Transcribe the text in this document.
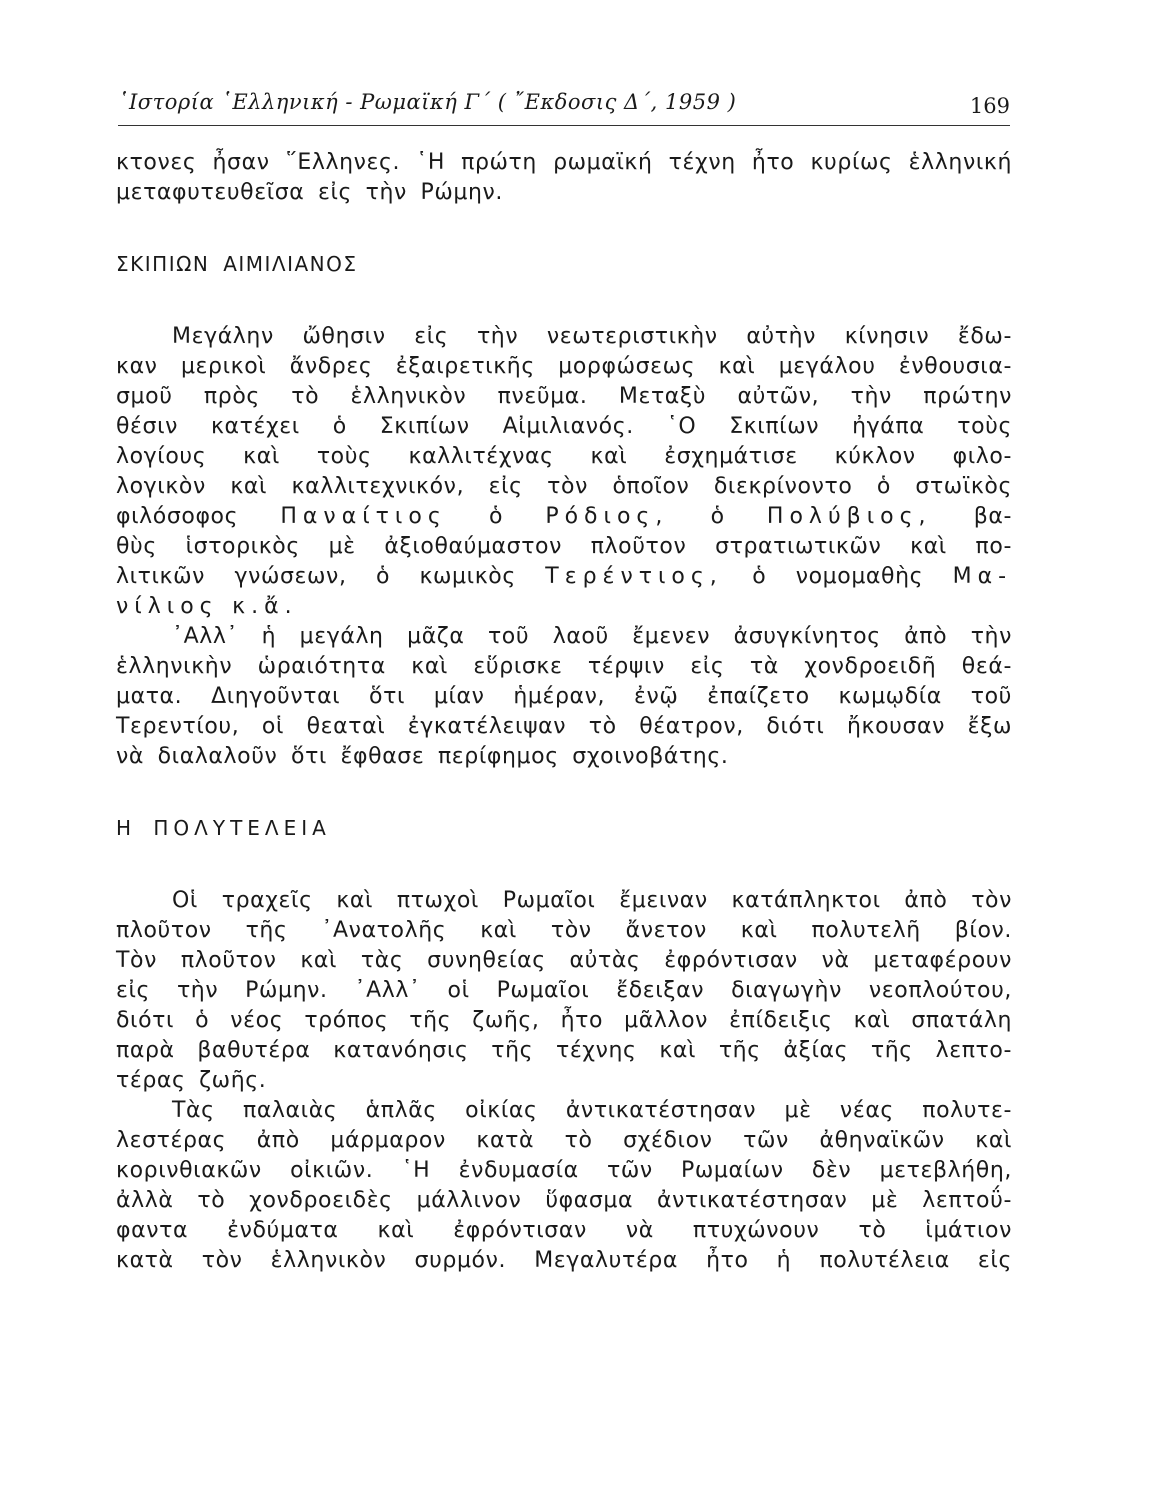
῾Ιστορία ῾Ελληνική - Ρωμαϊκή Γ΄ ( ῎Εκδοσις Δ΄, 1959 )	169
κτονες ἦσαν ῞Ελληνες. ῾Η πρώτη ρωμαϊκή τέχνη ἦτο κυρίως ἑλληνική
μεταφυτευθεῖσα εἰς τὴν Ρώμην.
ΣΚΙΠΙΩΝ ΑΙΜΙΛΙΑΝΟΣ
Μεγάλην ὤθησιν εἰς τὴν νεωτεριστικὴν αὐτὴν κίνησιν ἔδω-
καν μερικοὶ ἄνδρες ἐξαιρετικῆς μορφώσεως καὶ μεγάλου ἐνθουσια-
σμοῦ πρὸς τὸ ἑλληνικὸν πνεῦμα. Μεταξὺ αὐτῶν, τὴν πρώτην
θέσιν κατέχει ὁ Σκιπίων Αἰμιλιανός. ῾Ο Σκιπίων ἠγάπα τοὺς
λογίους καὶ τοὺς καλλιτέχνας καὶ ἐσχημάτισε κύκλον φιλο-
λογικὸν καὶ καλλιτεχνικόν, εἰς τὸν ὁποῖον διεκρίνοντο ὁ στωϊκὸς
φιλόσοφος Παναίτιος ὁ Ρόδιος, ὁ Πολύβιος, βα-
θὺς ἱστορικὸς μὲ ἀξιοθαύμαστον πλοῦτον στρατιωτικῶν καὶ πο-
λιτικῶν γνώσεων, ὁ κωμικὸς Τερέντιος, ὁ νομομαθὴς Μα-
νίλιος κ.ἄ.
᾿Αλλ᾿ ἡ μεγάλη μᾶζα τοῦ λαοῦ ἔμενεν ἀσυγκίνητος ἀπὸ τὴν
ἑλληνικὴν ὡραιότητα καὶ εὕρισκε τέρψιν εἰς τὰ χονδροειδῆ θεά-
ματα. Διηγοῦνται ὅτι μίαν ἡμέραν, ἐνῷ ἐπαίζετο κωμῳδία τοῦ
Τερεντίου, οἱ θεαταὶ ἐγκατέλειψαν τὸ θέατρον, διότι ἤκουσαν ἔξω
νὰ διαλαλοῦν ὅτι ἔφθασε περίφημος σχοινοβάτης.
Η ΠΟΛΥΤΕΛΕΙΑ
Οἱ τραχεῖς καὶ πτωχοὶ Ρωμαῖοι ἔμειναν κατάπληκτοι ἀπὸ τὸν
πλοῦτον τῆς ᾿Ανατολῆς καὶ τὸν ἄνετον καὶ πολυτελῆ βίον.
Τὸν πλοῦτον καὶ τὰς συνηθείας αὐτὰς ἐφρόντισαν νὰ μεταφέρουν
εἰς τὴν Ρώμην. ᾿Αλλ᾿ οἱ Ρωμαῖοι ἔδειξαν διαγωγὴν νεοπλούτου,
διότι ὁ νέος τρόπος τῆς ζωῆς, ἦτο μᾶλλον ἐπίδειξις καὶ σπατάλη
παρὰ βαθυτέρα κατανόησις τῆς τέχνης καὶ τῆς ἀξίας τῆς λεπτο-
τέρας ζωῆς.
Τὰς παλαιὰς ἁπλᾶς οἰκίας ἀντικατέστησαν μὲ νέας πολυτε-
λεστέρας ἀπὸ μάρμαρον κατὰ τὸ σχέδιον τῶν ἀθηναϊκῶν καὶ
κορινθιακῶν οἰκιῶν. ῾Η ἐνδυμασία τῶν Ρωμαίων δὲν μετεβλήθη,
ἀλλὰ τὸ χονδροειδὲς μάλλινον ὕφασμα ἀντικατέστησαν μὲ λεπτοΰ-
φαντα ἐνδύματα καὶ ἐφρόντισαν νὰ πτυχώνουν τὸ ἱμάτιον
κατὰ τὸν ἑλληνικὸν συρμόν. Μεγαλυτέρα ἦτο ἡ πολυτέλεια εἰς
